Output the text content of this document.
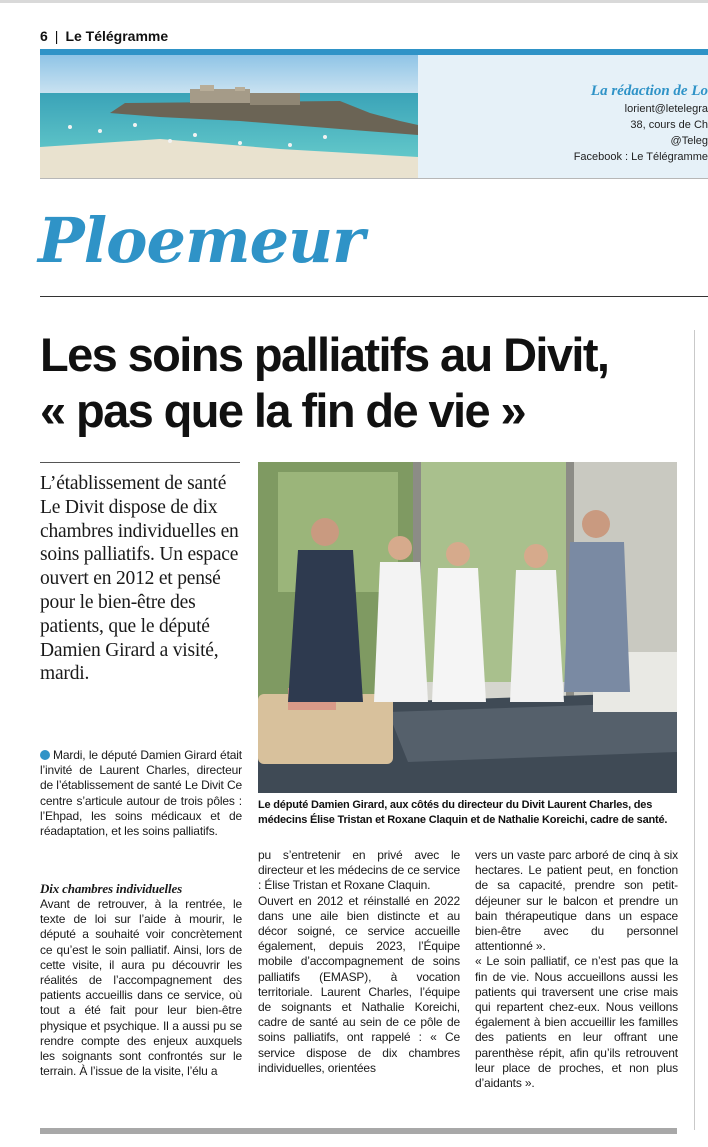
6 | Le Télégramme
La rédaction de Lo
lorient@letelegra
38, cours de Ch
@Teleg
Facebook : Le Télégramme
Ploemeur
Les soins palliatifs au Divit,
« pas que la fin de vie »

L’établissement de santé Le Divit dispose de dix chambres individuelles en soins palliatifs. Un espace ouvert en 2012 et pensé pour le bien-être des patients, que le député Damien Girard a visité, mardi.

Le député Damien Girard, aux côtés du directeur du Divit Laurent Charles, des médecins Élise Tristan et Roxane Claquin et de Nathalie Koreichi, cadre de santé.

Mardi, le député Damien Girard était l’invité de Laurent Charles, directeur de l’établissement de santé Le Divit Ce centre s’articule autour de trois pôles : l’Ehpad, les soins médicaux et de réadaptation, et les soins palliatifs.

Dix chambres individuelles

Avant de retrouver, à la rentrée, le texte de loi sur l’aide à mourir, le député a souhaité voir concrètement ce qu’est le soin palliatif. Ainsi, lors de cette visite, il aura pu découvrir les réalités de l’accompagnement des patients accueillis dans ce service, où tout a été fait pour leur bien-être physique et psychique. Il a aussi pu se rendre compte des enjeux auxquels les soignants sont confrontés sur le terrain. À l’issue de la visite, l’élu a

pu s’entretenir en privé avec le directeur et les médecins de ce service : Élise Tristan et Roxane Claquin.

Ouvert en 2012 et réinstallé en 2022 dans une aile bien distincte et au décor soigné, ce service accueille également, depuis 2023, l’Équipe mobile d’accompagnement de soins palliatifs (EMASP), à vocation territoriale. Laurent Charles, l’équipe de soignants et Nathalie Koreichi, cadre de santé au sein de ce pôle de soins palliatifs, ont rappelé : « Ce service dispose de dix chambres individuelles, orientées

vers un vaste parc arboré de cinq à six hectares. Le patient peut, en fonction de sa capacité, prendre son petit-déjeuner sur le balcon et prendre un bain thérapeutique dans un espace bien-être avec du personnel attentionné ».

« Le soin palliatif, ce n’est pas que la fin de vie. Nous accueillons aussi les patients qui traversent une crise mais qui repartent chez-eux. Nous veillons également à bien accueillir les familles des patients en leur offrant une parenthèse répit, afin qu’ils retrouvent leur place de proches, et non plus d’aidants ».
